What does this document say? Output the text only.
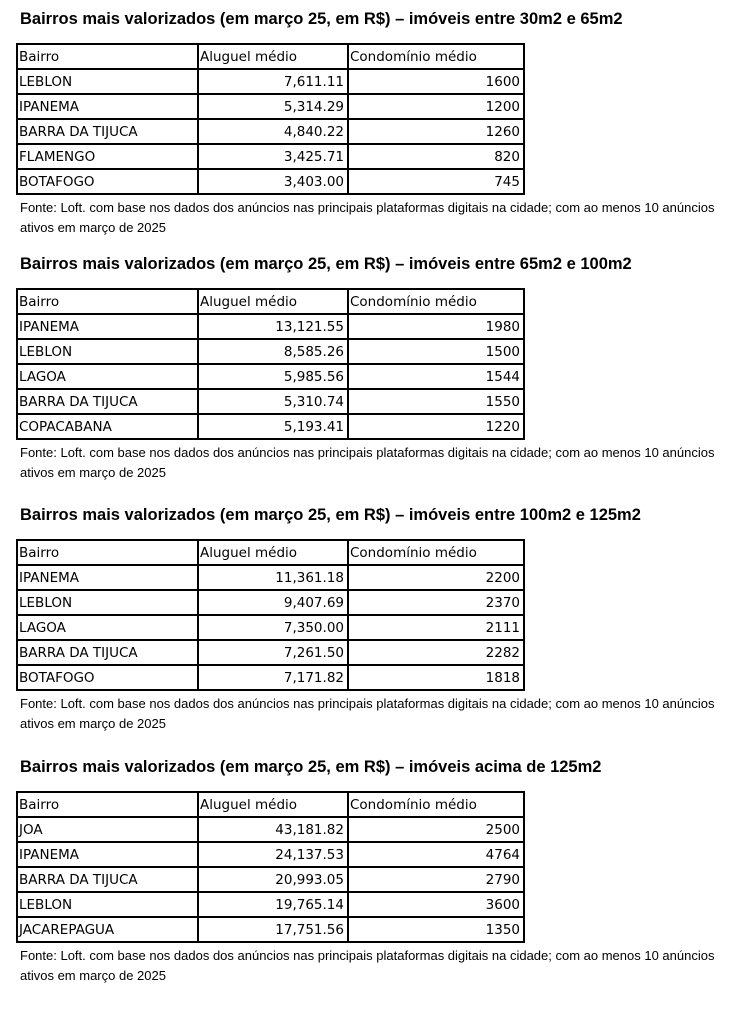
Bairros mais valorizados (em março 25, em R$) – imóveis entre 30m2 e 65m2
Bairro	Aluguel médio	Condomínio médio
LEBLON	7,611.11	1600
IPANEMA	5,314.29	1200
BARRA DA TIJUCA	4,840.22	1260
FLAMENGO	3,425.71	820
BOTAFOGO	3,403.00	745
Fonte: Loft. com base nos dados dos anúncios nas principais plataformas digitais na cidade; com ao menos 10 anúncios ativos em março de 2025
Bairros mais valorizados (em março 25, em R$) – imóveis entre 65m2 e 100m2
Bairro	Aluguel médio	Condomínio médio
IPANEMA	13,121.55	1980
LEBLON	8,585.26	1500
LAGOA	5,985.56	1544
BARRA DA TIJUCA	5,310.74	1550
COPACABANA	5,193.41	1220
Fonte: Loft. com base nos dados dos anúncios nas principais plataformas digitais na cidade; com ao menos 10 anúncios ativos em março de 2025
Bairros mais valorizados (em março 25, em R$) – imóveis entre 100m2 e 125m2
Bairro	Aluguel médio	Condomínio médio
IPANEMA	11,361.18	2200
LEBLON	9,407.69	2370
LAGOA	7,350.00	2111
BARRA DA TIJUCA	7,261.50	2282
BOTAFOGO	7,171.82	1818
Fonte: Loft. com base nos dados dos anúncios nas principais plataformas digitais na cidade; com ao menos 10 anúncios ativos em março de 2025
Bairros mais valorizados (em março 25, em R$) – imóveis acima de 125m2
Bairro	Aluguel médio	Condomínio médio
JOA	43,181.82	2500
IPANEMA	24,137.53	4764
BARRA DA TIJUCA	20,993.05	2790
LEBLON	19,765.14	3600
JACAREPAGUA	17,751.56	1350
Fonte: Loft. com base nos dados dos anúncios nas principais plataformas digitais na cidade; com ao menos 10 anúncios ativos em março de 2025
